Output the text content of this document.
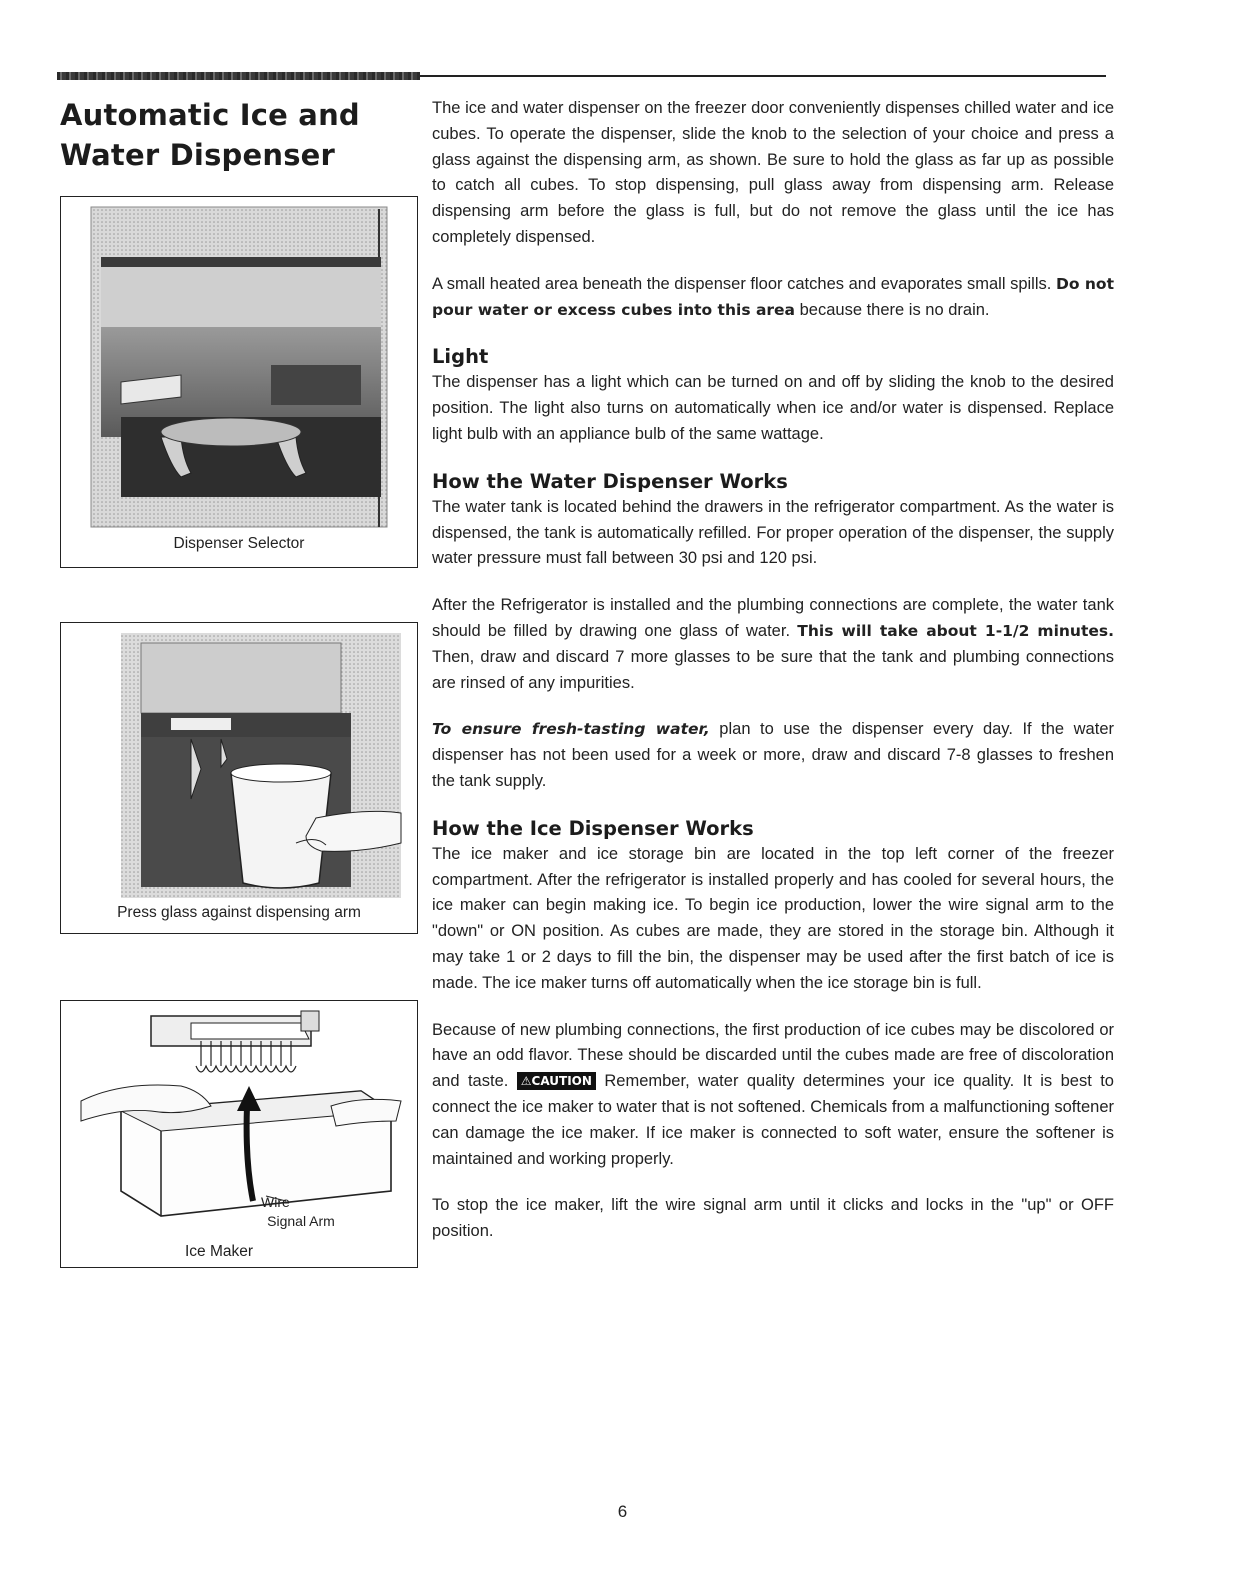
Automatic Ice and
Water Dispenser
Dispenser Selector
Press glass against dispensing arm
Wire
Signal Arm
Ice Maker

The ice and water dispenser on the freezer door conveniently dispenses chilled water and ice cubes. To operate the dispenser, slide the knob to the selection of your choice and press a glass against the dispensing arm, as shown. Be sure to hold the glass as far up as possible to catch all cubes. To stop dispensing, pull glass away from dispensing arm. Release dispensing arm before the glass is full, but do not remove the glass until the ice has completely dispensed.

A small heated area beneath the dispenser floor catches and evaporates small spills. Do not pour water or excess cubes into this area because there is no drain.

Light

The dispenser has a light which can be turned on and off by sliding the knob to the desired position. The light also turns on automatically when ice and/or water is dispensed. Replace light bulb with an appliance bulb of the same wattage.

How the Water Dispenser Works

The water tank is located behind the drawers in the refrigerator compartment. As the water is dispensed, the tank is automatically refilled. For proper operation of the dispenser, the supply water pressure must fall between 30 psi and 120 psi.

After the Refrigerator is installed and the plumbing connections are complete, the water tank should be filled by drawing one glass of water. This will take about 1-1/2 minutes. Then, draw and discard 7 more glasses to be sure that the tank and plumbing connections are rinsed of any impurities.

To ensure fresh-tasting water, plan to use the dispenser every day. If the water dispenser has not been used for a week or more, draw and discard 7-8 glasses to freshen the tank supply.

How the Ice Dispenser Works

The ice maker and ice storage bin are located in the top left corner of the freezer compartment. After the refrigerator is installed properly and has cooled for several hours, the ice maker can begin making ice. To begin ice production, lower the wire signal arm to the "down" or ON position. As cubes are made, they are stored in the storage bin. Although it may take 1 or 2 days to fill the bin, the dispenser may be used after the first batch of ice is made. The ice maker turns off automatically when the ice storage bin is full.

Because of new plumbing connections, the first production of ice cubes may be discolored or have an odd flavor. These should be discarded until the cubes made are free of discoloration and taste. ⚠CAUTION Remember, water quality determines your ice quality. It is best to connect the ice maker to water that is not softened. Chemicals from a malfunctioning softener can damage the ice maker. If ice maker is connected to soft water, ensure the softener is maintained and working properly.

To stop the ice maker, lift the wire signal arm until it clicks and locks in the "up" or OFF position.

6
